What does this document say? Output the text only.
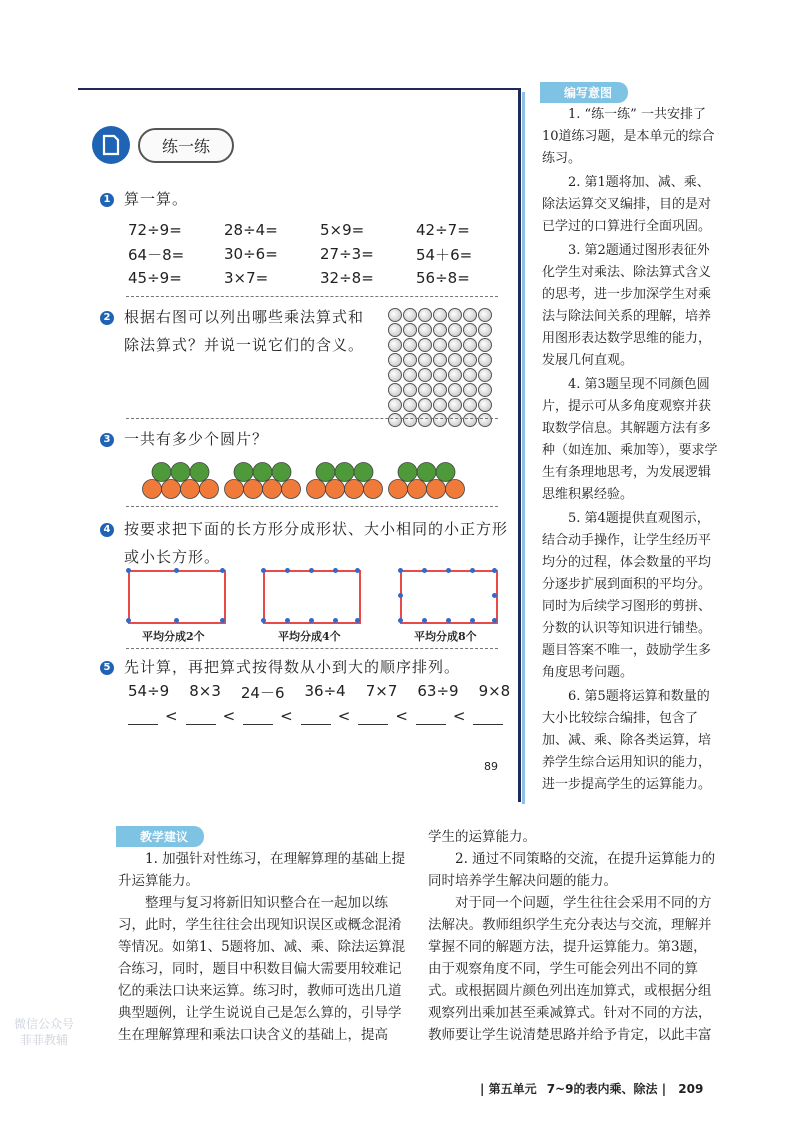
练一练
1 算一算。
72÷9=	28÷4=	5×9=	42÷7=
64－8=	30÷6=	27÷3=	54＋6=
45÷9=	3×7=	32÷8=	56÷8=
2 根据右图可以列出哪些乘法算式和
除法算式？并说一说它们的含义。
3 一共有多少个圆片？
4 按要求把下面的长方形分成形状、大小相同的小正方形
或小长方形。
平均分成2个	平均分成4个	平均分成8个
5 先计算，再把算式按得数从小到大的顺序排列。
54÷9 8×3 24－6 36÷4 7×7 63÷9 9×8
<	<	<	<	<	<
89
编写意图

1. “练一练” 一共安排了10道练习题，是本单元的综合练习。

2. 第1题将加、减、乘、除法运算交叉编排，目的是对已学过的口算进行全面巩固。

3. 第2题通过图形表征外化学生对乘法、除法算式含义的思考，进一步加深学生对乘法与除法间关系的理解，培养用图形表达数学思维的能力，发展几何直观。

4. 第3题呈现不同颜色圆片，提示可从多角度观察并获取数学信息。其解题方法有多种（如连加、乘加等），要求学生有条理地思考，为发展逻辑思维积累经验。

5. 第4题提供直观图示，结合动手操作，让学生经历平均分的过程，体会数量的平均分逐步扩展到面积的平均分。同时为后续学习图形的剪拼、分数的认识等知识进行铺垫。题目答案不唯一，鼓励学生多角度思考问题。

6. 第5题将运算和数量的大小比较综合编排，包含了加、减、乘、除各类运算，培养学生综合运用知识的能力，进一步提高学生的运算能力。

教学建议

1. 加强针对性练习，在理解算理的基础上提升运算能力。

整理与复习将新旧知识整合在一起加以练习，此时，学生往往会出现知识误区或概念混淆等情况。如第1、5题将加、减、乘、除法运算混合练习，同时，题目中积数目偏大需要用较难记忆的乘法口诀来运算。练习时，教师可选出几道典型题例，让学生说说自己是怎么算的，引导学生在理解算理和乘法口诀含义的基础上，提高

学生的运算能力。

2. 通过不同策略的交流，在提升运算能力的同时培养学生解决问题的能力。

对于同一个问题，学生往往会采用不同的方法解决。教师组织学生充分表达与交流，理解并掌握不同的解题方法，提升运算能力。第3题，由于观察角度不同，学生可能会列出不同的算式。或根据圆片颜色列出连加算式，或根据分组观察列出乘加甚至乘减算式。针对不同的方法，教师要让学生说清楚思路并给予肯定，以此丰富

| 第五单元 7~9的表内乘、除法 | 209
微信公众号
菲菲教辅
